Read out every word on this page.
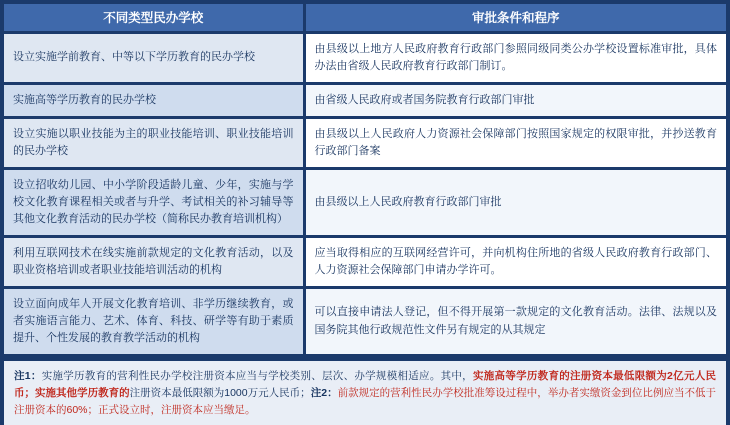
不同类型民办学校	审批条件和程序
设立实施学前教育、中等以下学历教育的民办学校	由县级以上地方人民政府教育行政部门参照同级同类公办学校设置标准审批，具体办法由省级人民政府教育行政部门制订。
实施高等学历教育的民办学校	由省级人民政府或者国务院教育行政部门审批
设立实施以职业技能为主的职业技能培训、职业技能培训的民办学校	由县级以上人民政府人力资源社会保障部门按照国家规定的权限审批，并抄送教育行政部门备案
设立招收幼儿园、中小学阶段适龄儿童、少年，实施与学校文化教育课程相关或者与升学、考试相关的补习辅导等其他文化教育活动的民办学校（简称民办教育培训机构）	由县级以上人民政府教育行政部门审批
利用互联网技术在线实施前款规定的文化教育活动，以及职业资格培训或者职业技能培训活动的机构	应当取得相应的互联网经营许可，并向机构住所地的省级人民政府教育行政部门、人力资源社会保障部门申请办学许可。
设立面向成年人开展文化教育培训、非学历继续教育，或者实施语言能力、艺术、体育、科技、研学等有助于素质提升、个性发展的教育教学活动的机构	可以直接申请法人登记，但不得开展第一款规定的文化教育活动。法律、法规以及国务院其他行政规范性文件另有规定的从其规定
注1：实施学历教育的营利性民办学校注册资本应当与学校类别、层次、办学规模相适应。其中，实施高等学历教育的注册资本最低限额为2亿元人民币；实施其他学历教育的注册资本最低限额为1000万元人民币；注2：前款规定的营利性民办学校批准筹设过程中，举办者实缴资金到位比例应当不低于注册资本的60%；正式设立时，注册资本应当缴足。
